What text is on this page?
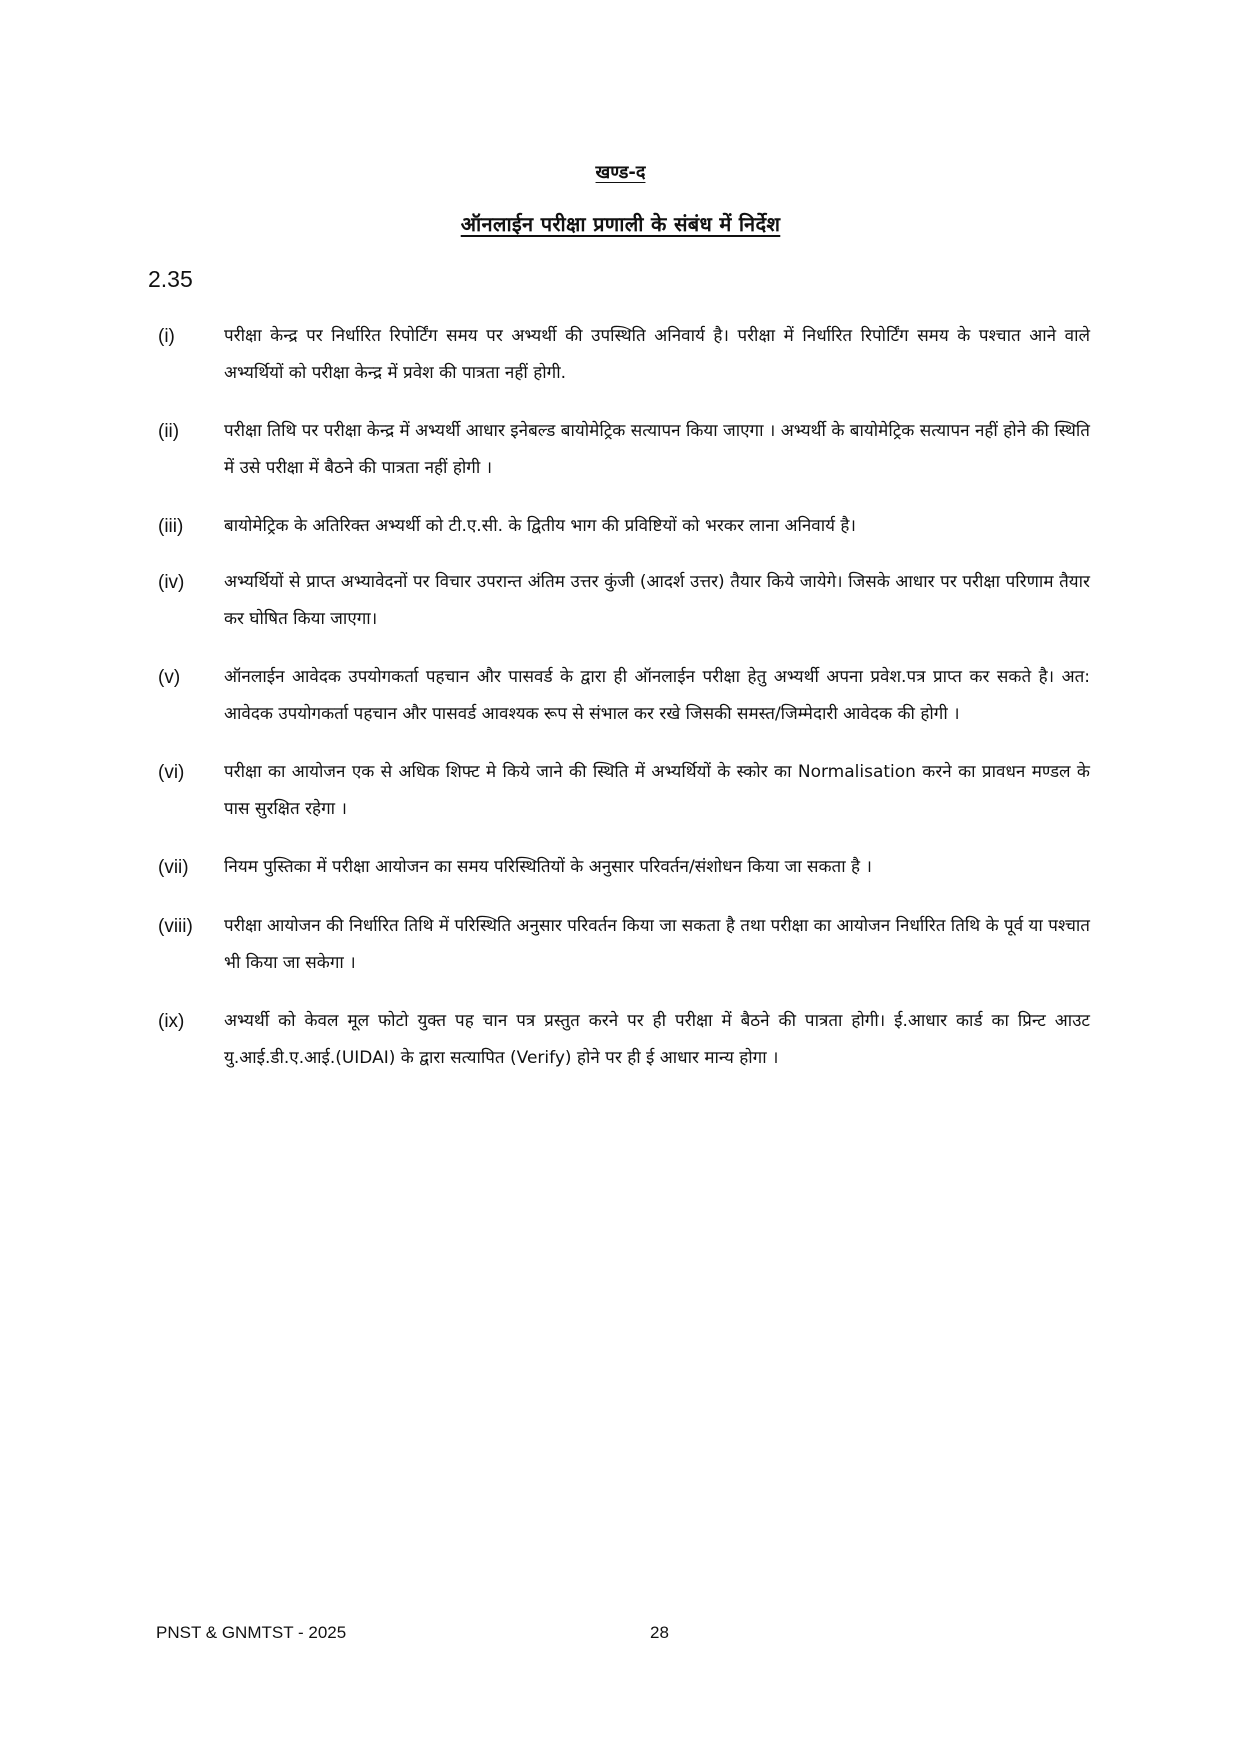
खण्ड-द
ऑनलाईन परीक्षा प्रणाली के संबंध में निर्देश
2.35
(i)	परीक्षा केन्द्र पर निर्धारित रिपोर्टिंग समय पर अभ्यर्थी की उपस्थिति अनिवार्य है। परीक्षा में निर्धारित रिपोर्टिंग समय के पश्चात आने वाले अभ्यर्थियों को परीक्षा केन्द्र में प्रवेश की पात्रता नहीं होगी.
(ii)	परीक्षा तिथि पर परीक्षा केन्द्र में अभ्यर्थी आधार इनेबल्ड बायोमेट्रिक सत्यापन किया जाएगा । अभ्यर्थी के बायोमेट्रिक सत्यापन नहीं होने की स्थिति में उसे परीक्षा में बैठने की पात्रता नहीं होगी ।
(iii)	बायोमेट्रिक के अतिरिक्त अभ्यर्थी को टी.ए.सी. के द्वितीय भाग की प्रविष्टियों को भरकर लाना अनिवार्य है।
(iv)	अभ्यर्थियों से प्राप्त अभ्यावेदनों पर विचार उपरान्त अंतिम उत्तर कुंजी (आदर्श उत्तर) तैयार किये जायेगे। जिसके आधार पर परीक्षा परिणाम तैयार कर घोषित किया जाएगा।
(v)	ऑनलाईन आवेदक उपयोगकर्ता पहचान और पासवर्ड के द्वारा ही ऑनलाईन परीक्षा हेतु अभ्यर्थी अपना प्रवेश.पत्र प्राप्त कर सकते है। अत: आवेदक उपयोगकर्ता पहचान और पासवर्ड आवश्यक रूप से संभाल कर रखे जिसकी समस्त/जिम्मेदारी आवेदक की होगी ।
(vi)	परीक्षा का आयोजन एक से अधिक शिफ्ट मे किये जाने की स्थिति में अभ्यर्थियों के स्कोर का Normalisation करने का प्रावधन मण्डल के पास सुरक्षित रहेगा ।
(vii)	नियम पुस्तिका में परीक्षा आयोजन का समय परिस्थितियों के अनुसार परिवर्तन/संशोधन किया जा सकता है ।
(viii)	परीक्षा आयोजन की निर्धारित तिथि में परिस्थिति अनुसार परिवर्तन किया जा सकता है तथा परीक्षा का आयोजन निर्धारित तिथि के पूर्व या पश्चात भी किया जा सकेगा ।
(ix)	अभ्यर्थी को केवल मूल फोटो युक्त पह चान पत्र प्रस्तुत करने पर ही परीक्षा में बैठने की पात्रता होगी। ई.आधार कार्ड का प्रिन्ट आउट यु.आई.डी.ए.आई.(UIDAI) के द्वारा सत्यापित (Verify) होने पर ही ई आधार मान्य होगा ।
PNST & GNMTST - 2025	28
